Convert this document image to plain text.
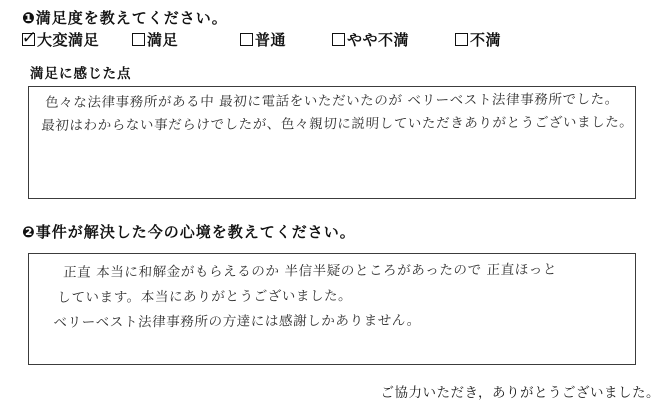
❶満足度を教えてください。
✓
大変満足	満足	普通	やや不満	不満
満足に感じた点
色々な法律事務所がある中 最初に電話をいただいたのが ベリーベスト法律事務所でした。
最初はわからない事だらけでしたが、色々親切に説明していただきありがとうございました。
❷事件が解決した今の心境を教えてください。
正直 本当に和解金がもらえるのか 半信半疑のところがあったので 正直ほっと
しています。本当にありがとうございました。
ベリーベスト法律事務所の方達には感謝しかありません。
ご協力いただき，ありがとうございました。
